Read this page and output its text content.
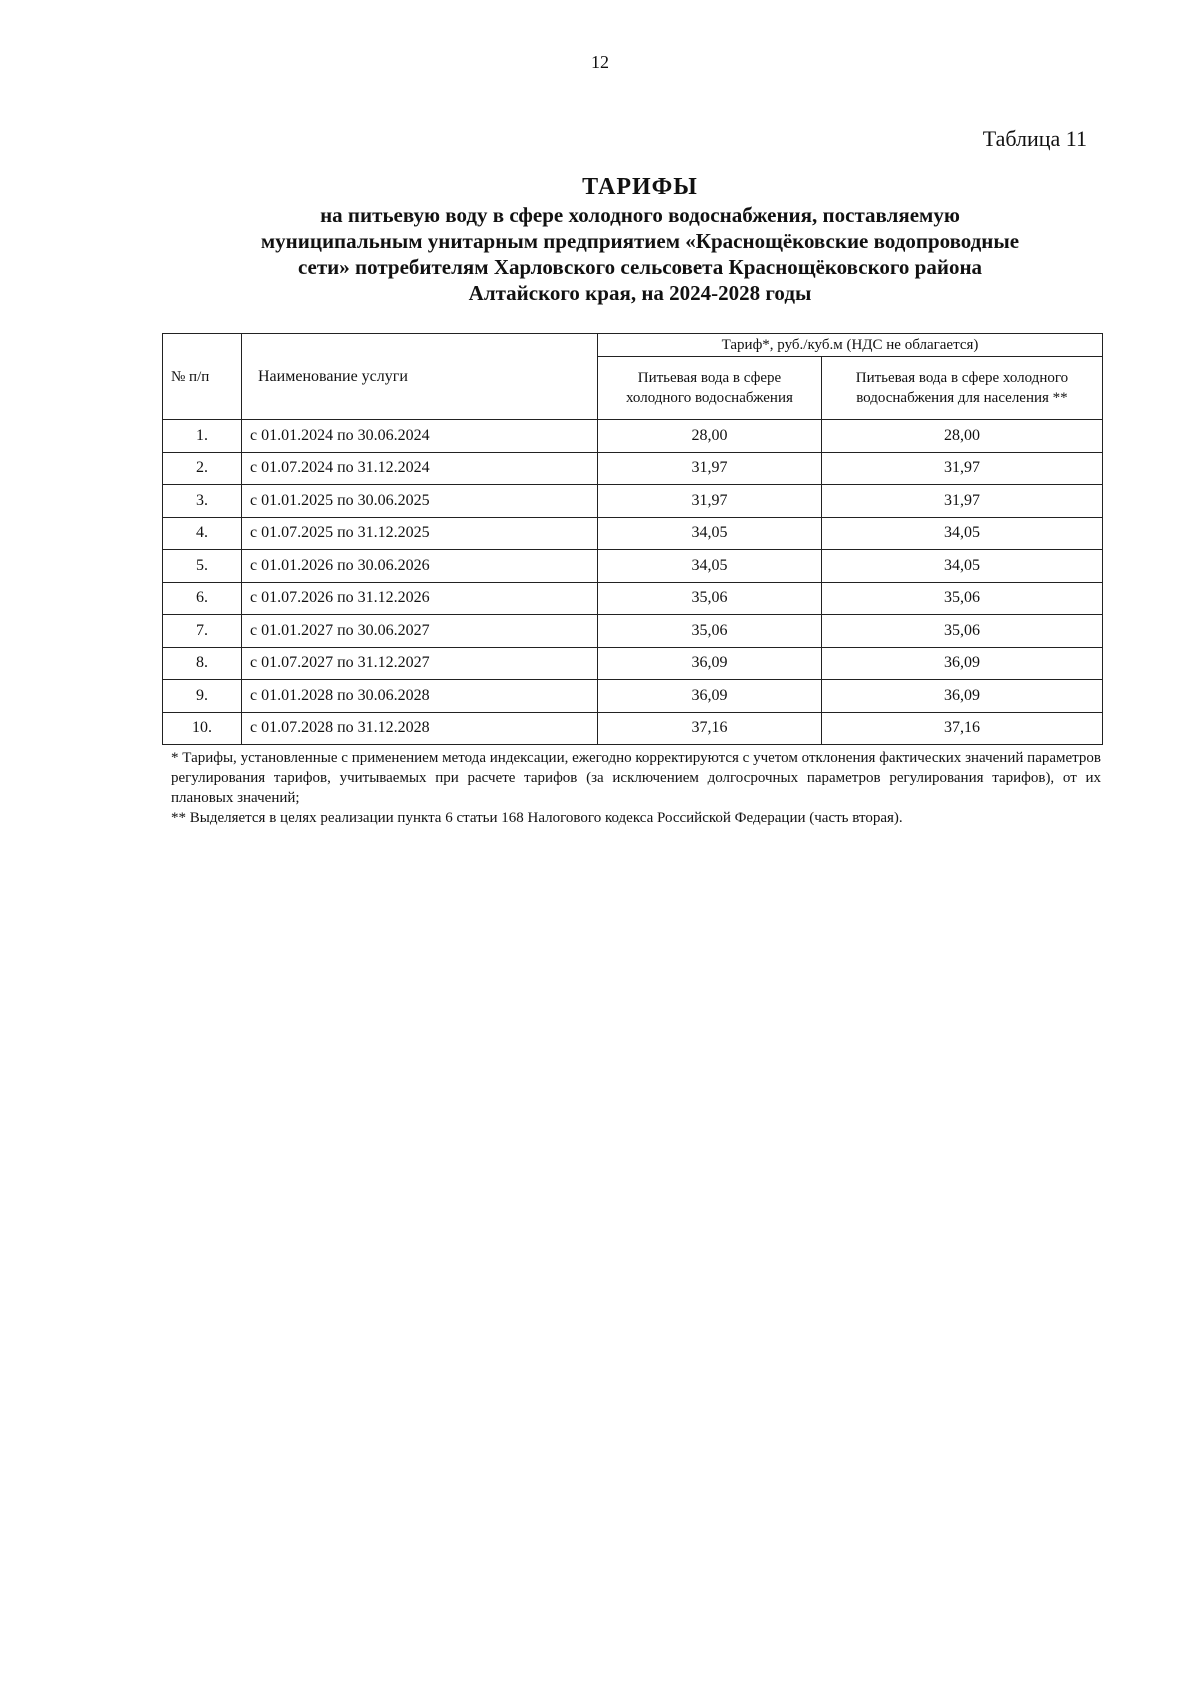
12
Таблица 11
ТАРИФЫ
на питьевую воду в сфере холодного водоснабжения, поставляемую
муниципальным унитарным предприятием «Краснощёковские водопроводные
сети» потребителям Харловского сельсовета Краснощёковского района
Алтайского края, на 2024-2028 годы
№ п/п	Наименование услуги	Тариф*, руб./куб.м (НДС не облагается)	
		Питьевая вода в сфере холодного водоснабжения	Питьевая вода в сфере холодного водоснабжения для населения **
1.	с 01.01.2024 по 30.06.2024	28,00	28,00
2.	с 01.07.2024 по 31.12.2024	31,97	31,97
3.	с 01.01.2025 по 30.06.2025	31,97	31,97
4.	с 01.07.2025 по 31.12.2025	34,05	34,05
5.	с 01.01.2026 по 30.06.2026	34,05	34,05
6.	с 01.07.2026 по 31.12.2026	35,06	35,06
7.	с 01.01.2027 по 30.06.2027	35,06	35,06
8.	с 01.07.2027 по 31.12.2027	36,09	36,09
9.	с 01.01.2028 по 30.06.2028	36,09	36,09
10.	с 01.07.2028 по 31.12.2028	37,16	37,16

* Тарифы, установленные с применением метода индексации, ежегодно корректируются с учетом отклонения фактических значений параметров регулирования тарифов, учитываемых при расчете тарифов (за исключением долгосрочных параметров регулирования тарифов), от их плановых значений;

** Выделяется в целях реализации пункта 6 статьи 168 Налогового кодекса Российской Федерации (часть вторая).
